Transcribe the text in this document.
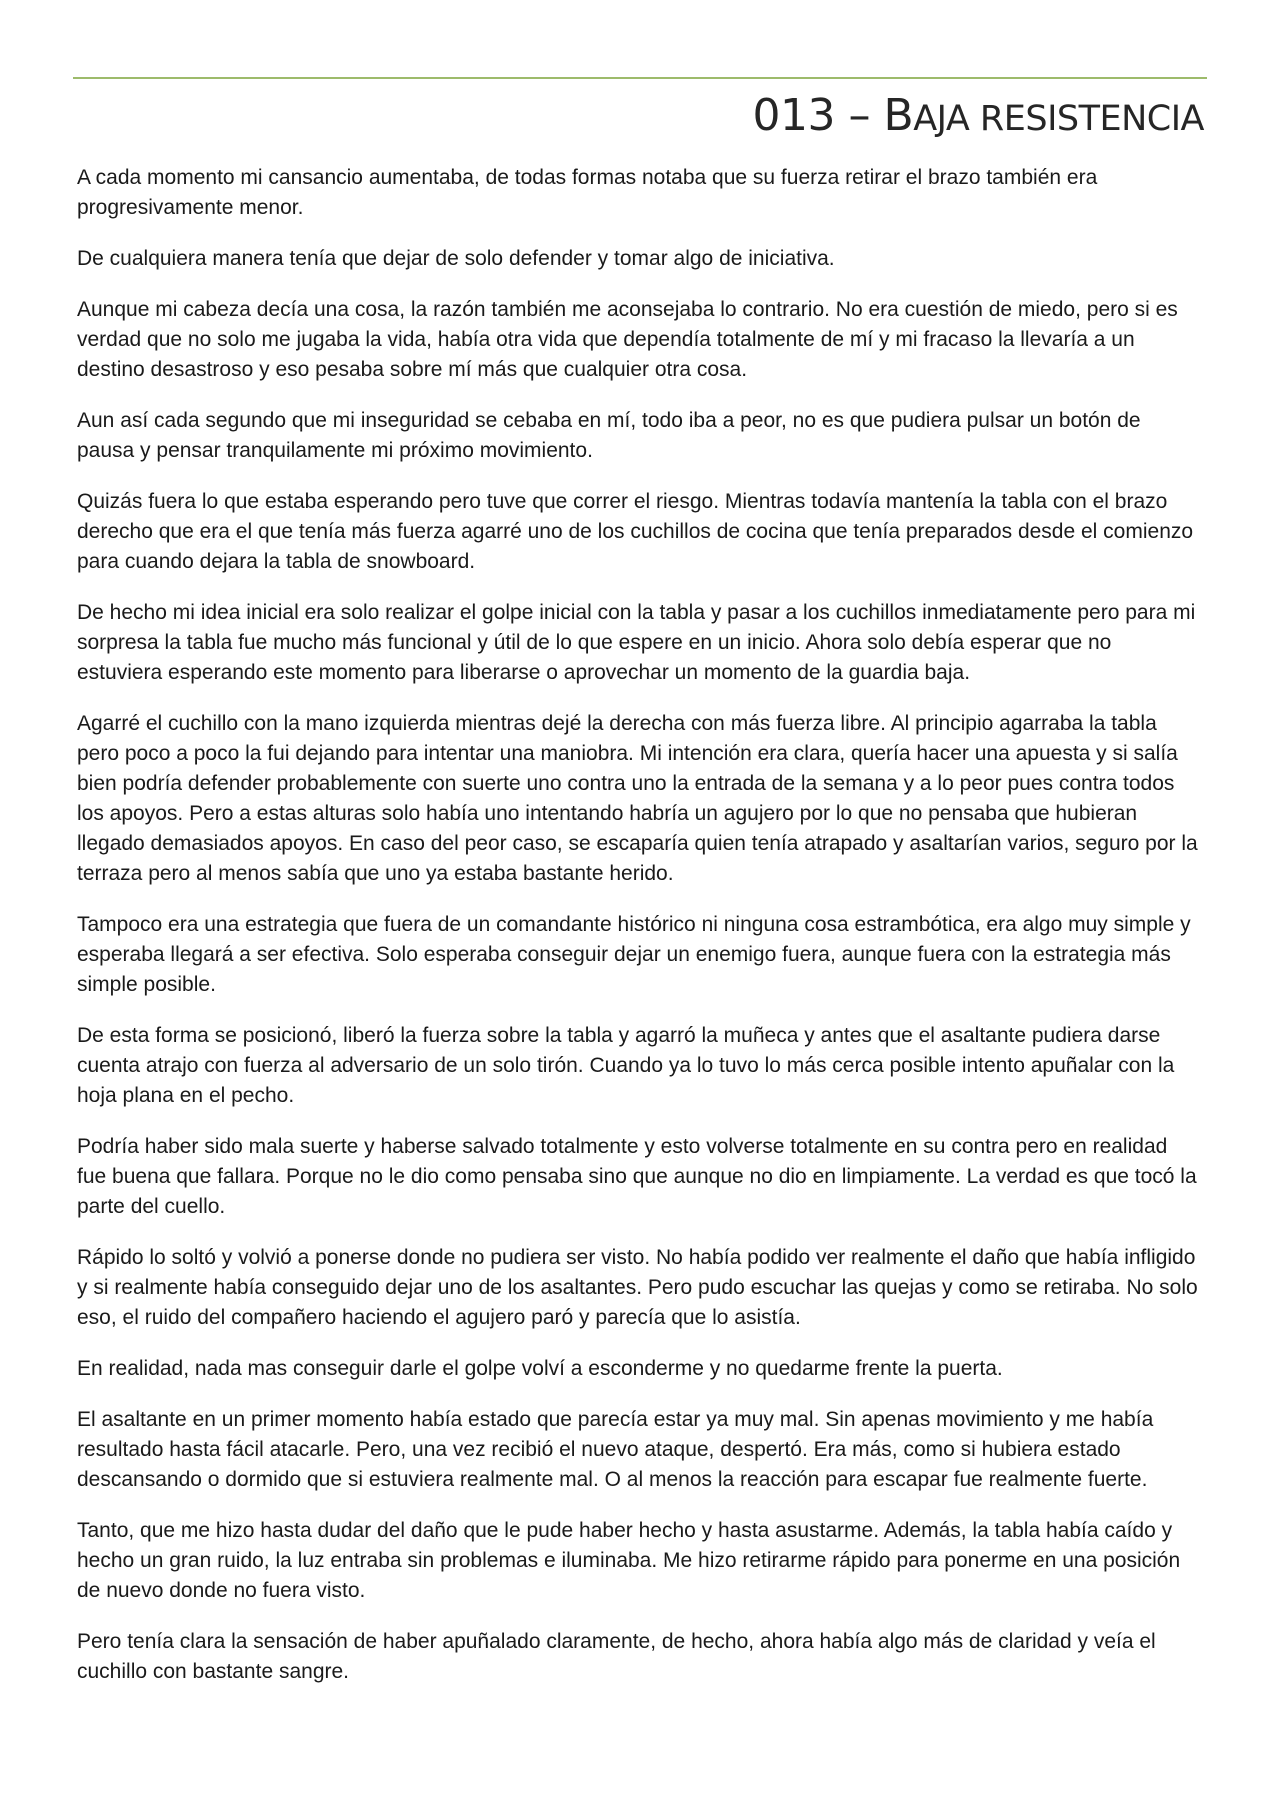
013 – BAJA RESISTENCIA

A cada momento mi cansancio aumentaba, de todas formas notaba que su fuerza retirar el brazo también era progresivamente menor.

De cualquiera manera tenía que dejar de solo defender y tomar algo de iniciativa.

Aunque mi cabeza decía una cosa, la razón también me aconsejaba lo contrario. No era cuestión de miedo, pero si es verdad que no solo me jugaba la vida, había otra vida que dependía totalmente de mí y mi fracaso la llevaría a un destino desastroso y eso pesaba sobre mí más que cualquier otra cosa.

Aun así cada segundo que mi inseguridad se cebaba en mí, todo iba a peor, no es que pudiera pulsar un botón de pausa y pensar tranquilamente mi próximo movimiento.

Quizás fuera lo que estaba esperando pero tuve que correr el riesgo. Mientras todavía mantenía la tabla con el brazo derecho que era el que tenía más fuerza agarré uno de los cuchillos de cocina que tenía preparados desde el comienzo para cuando dejara la tabla de snowboard.

De hecho mi idea inicial era solo realizar el golpe inicial con la tabla y pasar a los cuchillos inmediatamente pero para mi sorpresa la tabla fue mucho más funcional y útil de lo que espere en un inicio. Ahora solo debía esperar que no estuviera esperando este momento para liberarse o aprovechar un momento de la guardia baja.

Agarré el cuchillo con la mano izquierda mientras dejé la derecha con más fuerza libre. Al principio agarraba la tabla pero poco a poco la fui dejando para intentar una maniobra. Mi intención era clara, quería hacer una apuesta y si salía bien podría defender probablemente con suerte uno contra uno la entrada de la semana y a lo peor pues contra todos los apoyos. Pero a estas alturas solo había uno intentando habría un agujero por lo que no pensaba que hubieran llegado demasiados apoyos. En caso del peor caso, se escaparía quien tenía atrapado y asaltarían varios, seguro por la terraza pero al menos sabía que uno ya estaba bastante herido.

Tampoco era una estrategia que fuera de un comandante histórico ni ninguna cosa estrambótica, era algo muy simple y esperaba llegará a ser efectiva. Solo esperaba conseguir dejar un enemigo fuera, aunque fuera con la estrategia más simple posible.

De esta forma se posicionó, liberó la fuerza sobre la tabla y agarró la muñeca y antes que el asaltante pudiera darse cuenta atrajo con fuerza al adversario de un solo tirón. Cuando ya lo tuvo lo más cerca posible intento apuñalar con la hoja plana en el pecho.

Podría haber sido mala suerte y haberse salvado totalmente y esto volverse totalmente en su contra pero en realidad fue buena que fallara. Porque no le dio como pensaba sino que aunque no dio en limpiamente. La verdad es que tocó la parte del cuello.

Rápido lo soltó y volvió a ponerse donde no pudiera ser visto. No había podido ver realmente el daño que había infligido y si realmente había conseguido dejar uno de los asaltantes. Pero pudo escuchar las quejas y como se retiraba. No solo eso, el ruido del compañero haciendo el agujero paró y parecía que lo asistía.

En realidad, nada mas conseguir darle el golpe volví a esconderme y no quedarme frente la puerta.

El asaltante en un primer momento había estado que parecía estar ya muy mal. Sin apenas movimiento y me había resultado hasta fácil atacarle. Pero, una vez recibió el nuevo ataque, despertó. Era más, como si hubiera estado descansando o dormido que si estuviera realmente mal. O al menos la reacción para escapar fue realmente fuerte.

Tanto, que me hizo hasta dudar del daño que le pude haber hecho y hasta asustarme. Además, la tabla había caído y hecho un gran ruido, la luz entraba sin problemas e iluminaba. Me hizo retirarme rápido para ponerme en una posición de nuevo donde no fuera visto.

Pero tenía clara la sensación de haber apuñalado claramente, de hecho, ahora había algo más de claridad y veía el cuchillo con bastante sangre.
